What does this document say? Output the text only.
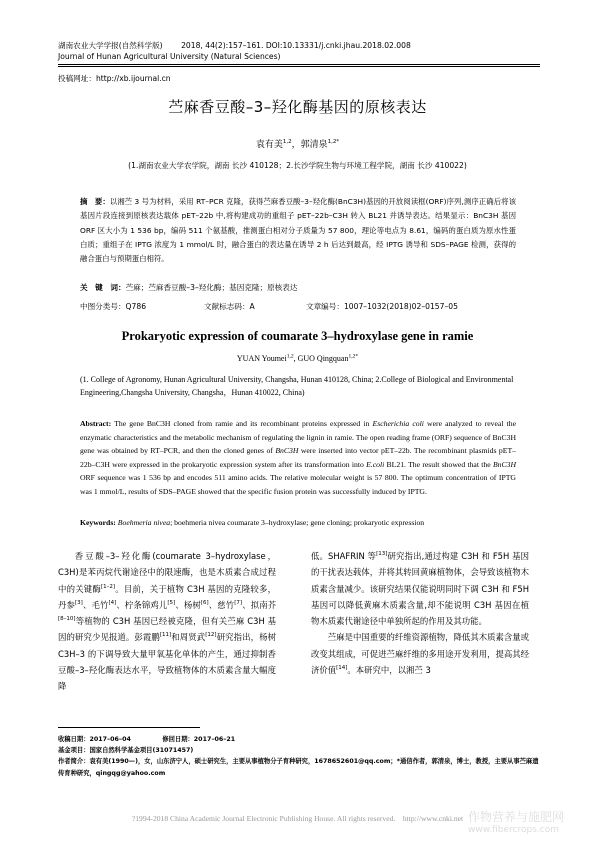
湖南农业大学学报(自然科学版) 2018, 44(2):157–161. DOI:10.13331/j.cnki.jhau.2018.02.008
Journal of Hunan Agricultural University (Natural Sciences)
投稿网址：http://xb.ijournal.cn
苎麻香豆酸–3–羟化酶基因的原核表达
袁有美$^{1,2}$，郭清泉$^{1,2*}$
(1.湖南农业大学农学院，湖南 长沙 410128；2.长沙学院生物与环境工程学院，湖南 长沙 410022)
摘　要：以湘苎 3 号为材料，采用 RT–PCR 克隆，获得苎麻香豆酸–3–羟化酶(BnC3H)基因的开放阅读框(ORF)序列,测序正确后将该基因片段连接到原核表达载体 pET–22b 中,将构建成功的重组子 pET–22b–C3H 转入 BL21 并诱导表达。结果显示：BnC3H 基因 ORF 区大小为 1 536 bp，编码 511 个氨基酸，推测蛋白相对分子质量为 57 800，理论等电点为 8.61，编码的蛋白质为原水性蛋白质；重组子在 IPTG 浓度为 1 mmol/L 时，融合蛋白的表达量在诱导 2 h 后达到最高，经 IPTG 诱导和 SDS–PAGE 检测，获得的融合蛋白与预期蛋白相符。
关　键　词：苎麻；苎麻香豆酸–3–羟化酶；基因克隆；原核表达
中图分类号：Q786	文献标志码：A	文章编号：1007–1032(2018)02–0157–05
Prokaryotic expression of coumarate 3–hydroxylase gene in ramie
YUAN Youmei$^{1,2}$, GUO Qingquan$^{1,2*}$
(1. College of Agronomy, Hunan Agricultural University, Changsha, Hunan 410128, China; 2.College of Biological and Environmental Engineering,Changsha University, Changsha，Hunan 410022, China)
Abstract: The gene BnC3H cloned from ramie and its recombinant proteins expressed in Escherichia coli were analyzed to reveal the enzymatic characteristics and the metabolic mechanism of regulating the lignin in ramie. The open reading frame (ORF) sequence of BnC3H gene was obtained by RT–PCR, and then the cloned genes of BnC3H were inserted into vector pET–22b. The recombinant plasmids pET–22b–C3H were expressed in the prokaryotic expression system after its transformation into E.coli BL21. The result showed that the BnC3H ORF sequence was 1 536 bp and encodes 511 amino acids. The relative molecular weight is 57 800. The optimum concentration of IPTG was 1 mmol/L, results of SDS–PAGE showed that the specific fusion protein was successfully induced by IPTG.
Keywords: Boehmeria nivea; boehmeria nivea coumarate 3–hydroxylase; gene cloning; prokaryotic expression
香豆酸–3–羟化酶(coumarate 3–hydroxylase，C3H)是苯丙烷代谢途径中的限速酶，也是木质素合成过程中的关键酶[1–2]。目前，关于植物 C3H 基因的克隆较多，丹参[3]、毛竹[4]、柠条锦鸡儿[5]、杨树[6]、慈竹[7]、拟南芥[8–10]等植物的 C3H 基因已经被克隆，但有关苎麻 C3H 基因的研究少见报道。彭霞鹏[11]和周贤武[12]研究指出，杨树 C3H–3 的下调导致大量甲氧基化单体的产生，通过抑制香豆酸–3–羟化酶表达水平，导致植物体的木质素含量大幅度降
低。SHAFRIN 等[13]研究指出,通过构建 C3H 和 F5H 基因的干扰表达载体，并将其转回黄麻植物体，会导致该植物木质素含量减少。该研究结果仅能说明同时下调 C3H 和 F5H 基因可以降低黄麻木质素含量,却不能说明 C3H 基因在植物木质素代谢途径中单独所起的作用及其功能。
苎麻是中国重要的纤维资源植物，降低其木质素含量或改变其组成，可促进苎麻纤维的多用途开发利用，提高其经济价值[14]。本研究中，以湘苎 3
收稿日期：2017–06–04　　　　　修回日期：2017–06–21
基金项目：国家自然科学基金项目(31071457)
作者简介：袁有美(1990—)，女，山东济宁人，硕士研究生，主要从事植物分子育种研究，1678652601@qq.com；*通信作者，郭清泉，博士，教授，主要从事苎麻遗传育种研究，qingqg@yahoo.com
?1994-2018 China Academic Journal Electronic Publishing House. All rights reserved.　http://www.cnki.net 作物营养与施肥网
www.fibercrops.com
